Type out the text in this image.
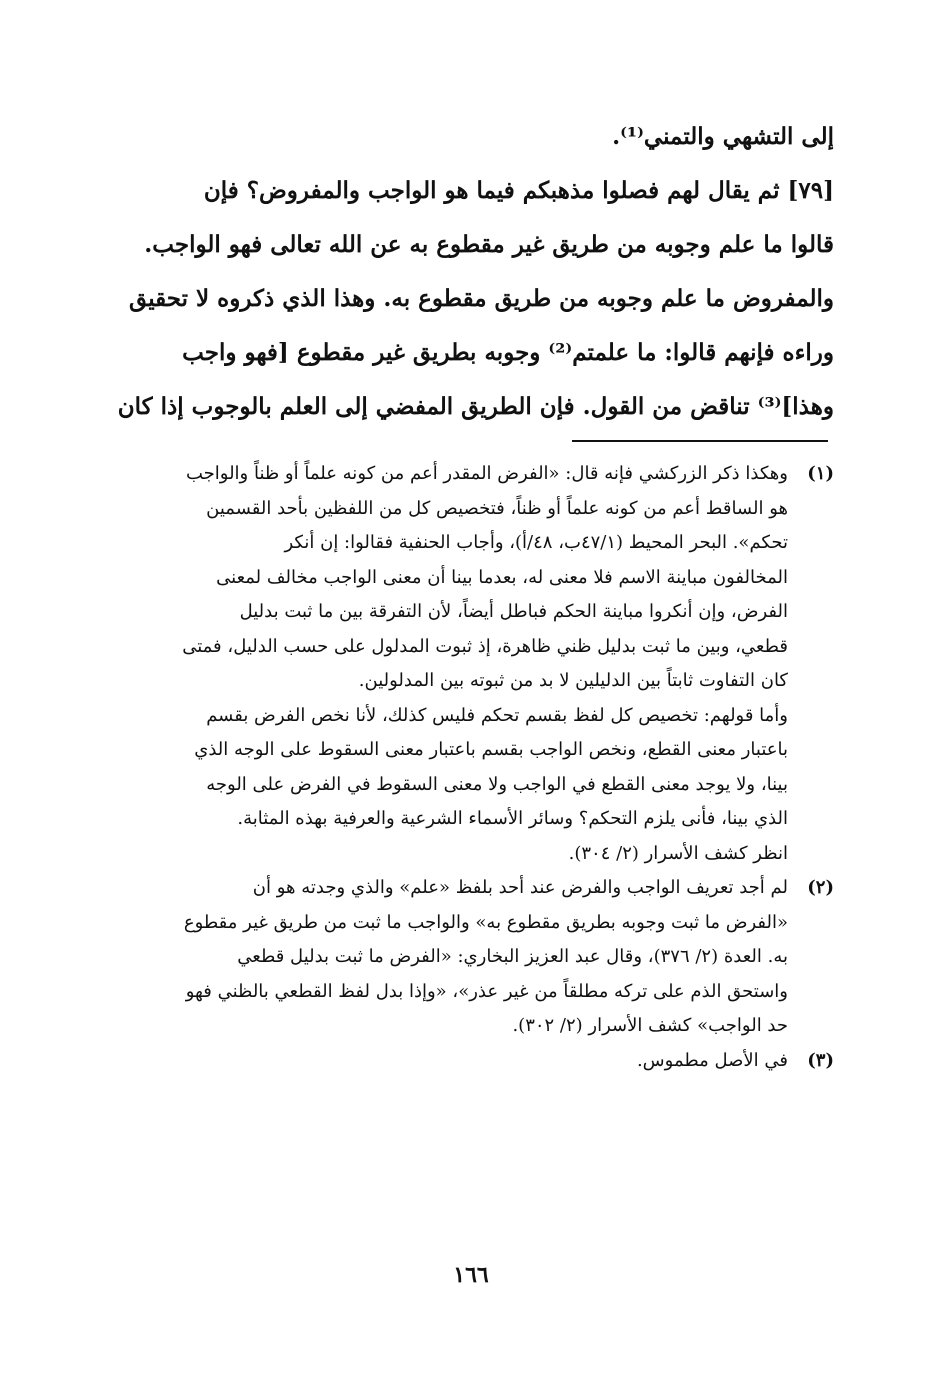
إلى التشهي والتمني⁽¹⁾.
[٧٩] ثم يقال لهم فصلوا مذهبكم فيما هو الواجب والمفروض؟ فإن
قالوا ما علم وجوبه من طريق غير مقطوع به عن الله تعالى فهو الواجب.
والمفروض ما علم وجوبه من طريق مقطوع به. وهذا الذي ذكروه لا تحقيق
وراءه فإنهم قالوا: ما علمتم⁽²⁾ وجوبه بطريق غير مقطوع [فهو واجب
وهذا]⁽³⁾ تناقض من القول. فإن الطريق المفضي إلى العلم بالوجوب إذا كان
(١)
وهكذا ذكر الزركشي فإنه قال: «الفرض المقدر أعم من كونه علماً أو ظناً والواجب
هو الساقط أعم من كونه علماً أو ظناً، فتخصيص كل من اللفظين بأحد القسمين
تحكم». البحر المحيط (٤٧/١ب، ٤٨/أ)، وأجاب الحنفية فقالوا: إن أنكر
المخالفون مباينة الاسم فلا معنى له، بعدما بينا أن معنى الواجب مخالف لمعنى
الفرض، وإن أنكروا مباينة الحكم فباطل أيضاً، لأن التفرقة بين ما ثبت بدليل
قطعي، وبين ما ثبت بدليل ظني ظاهرة، إذ ثبوت المدلول على حسب الدليل، فمتى
كان التفاوت ثابتاً بين الدليلين لا بد من ثبوته بين المدلولين.
وأما قولهم: تخصيص كل لفظ بقسم تحكم فليس كذلك، لأنا نخص الفرض بقسم
باعتبار معنى القطع، ونخص الواجب بقسم باعتبار معنى السقوط على الوجه الذي
بينا، ولا يوجد معنى القطع في الواجب ولا معنى السقوط في الفرض على الوجه
الذي بينا، فأنى يلزم التحكم؟ وسائر الأسماء الشرعية والعرفية بهذه المثابة.
انظر كشف الأسرار (٢/ ٣٠٤).
(٢)
لم أجد تعريف الواجب والفرض عند أحد بلفظ «علم» والذي وجدته هو أن
«الفرض ما ثبت وجوبه بطريق مقطوع به» والواجب ما ثبت من طريق غير مقطوع
به. العدة (٢/ ٣٧٦)، وقال عبد العزيز البخاري: «الفرض ما ثبت بدليل قطعي
واستحق الذم على تركه مطلقاً من غير عذر»، «وإذا بدل لفظ القطعي بالظني فهو
حد الواجب» كشف الأسرار (٢/ ٣٠٢).
(٣)
في الأصل مطموس.
١٦٦
